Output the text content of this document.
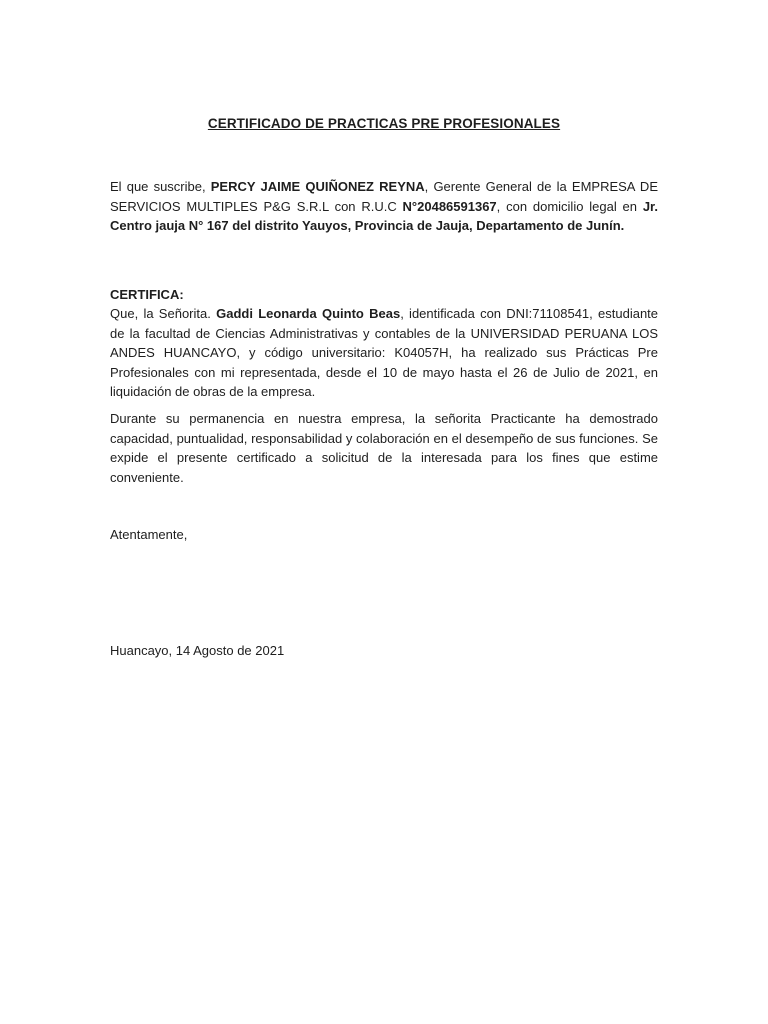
CERTIFICADO DE PRACTICAS PRE PROFESIONALES
El que suscribe, PERCY JAIME QUIÑONEZ REYNA, Gerente General de la EMPRESA DE SERVICIOS MULTIPLES P&G S.R.L con R.U.C N°20486591367, con domicilio legal en Jr. Centro jauja N° 167 del distrito Yauyos, Provincia de Jauja, Departamento de Junín.
CERTIFICA:
Que, la Señorita. Gaddi Leonarda Quinto Beas, identificada con DNI:71108541, estudiante de la facultad de Ciencias Administrativas y contables de la UNIVERSIDAD PERUANA LOS ANDES HUANCAYO, y código universitario: K04057H, ha realizado sus Prácticas Pre Profesionales con mi representada, desde el 10 de mayo hasta el 26 de Julio de 2021, en liquidación de obras de la empresa.
Durante su permanencia en nuestra empresa, la señorita Practicante ha demostrado capacidad, puntualidad, responsabilidad y colaboración en el desempeño de sus funciones. Se expide el presente certificado a solicitud de la interesada para los fines que estime conveniente.
Atentamente,
Huancayo, 14 Agosto de 2021
